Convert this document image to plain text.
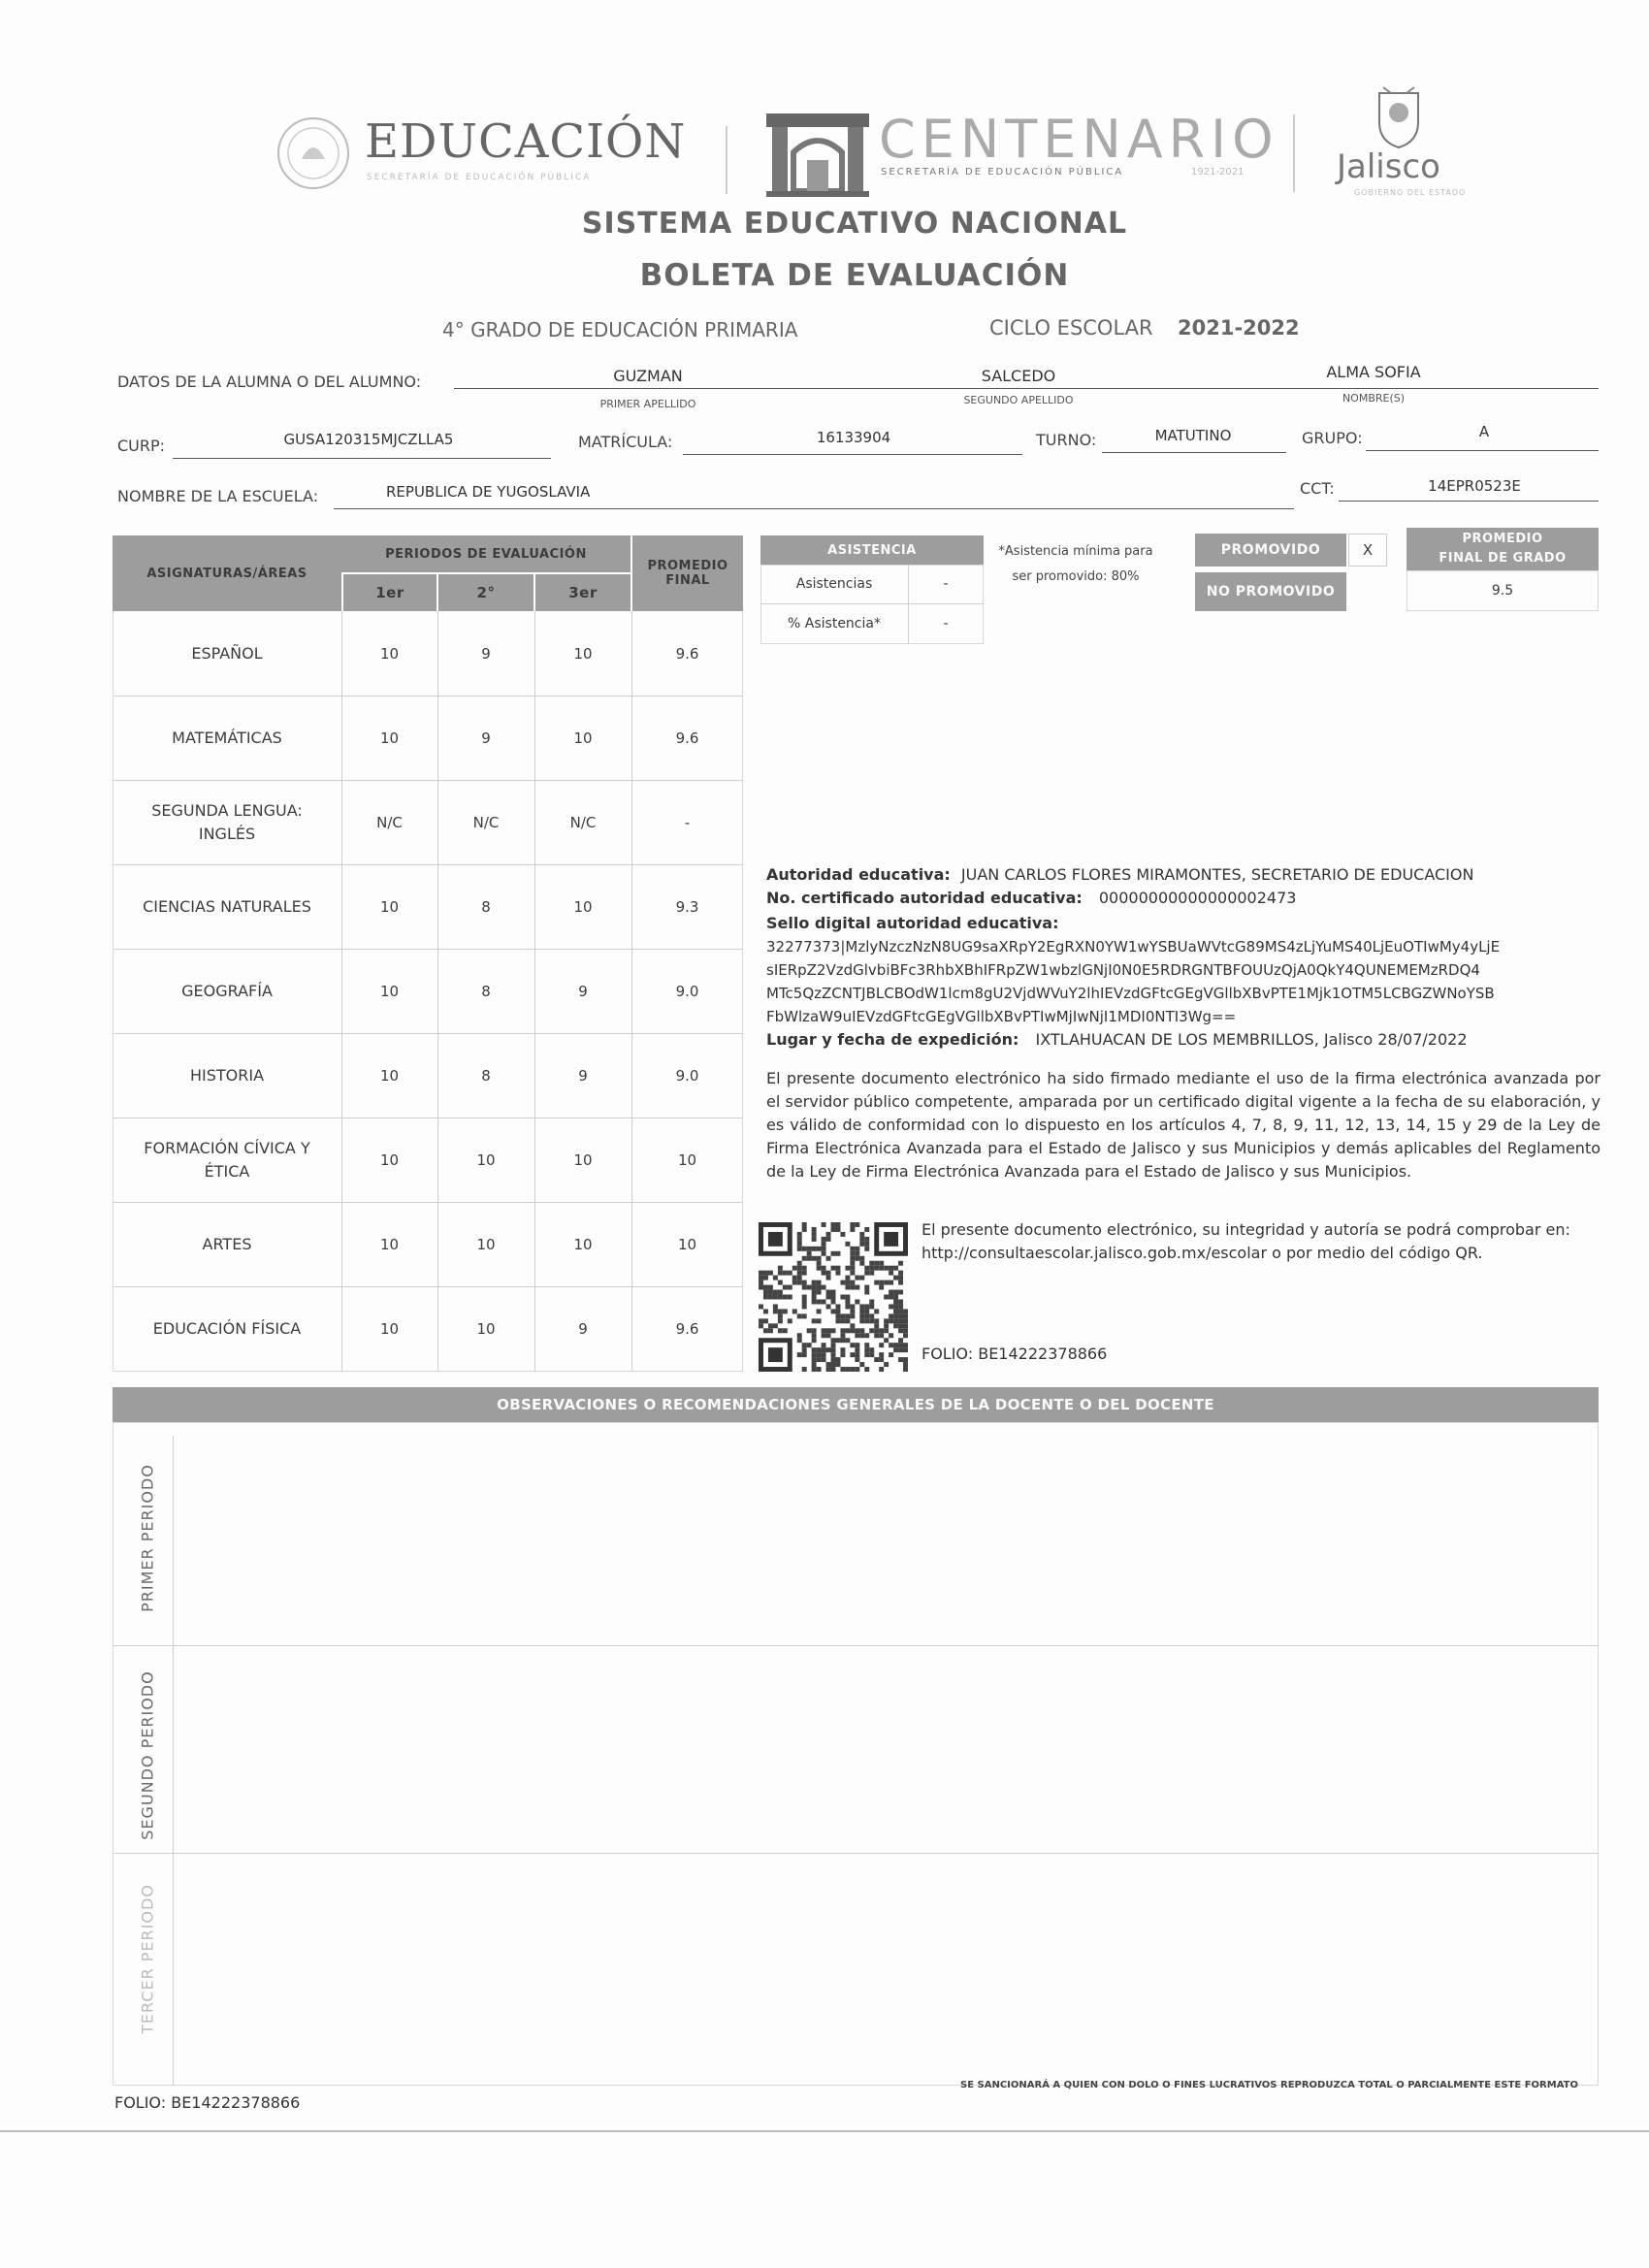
EDUCACIÓN
SECRETARÍA DE EDUCACIÓN PÚBLICA
CENTENARIO
SECRETARÍA DE EDUCACIÓN PÚBLICA	1921-2021	Jalisco
GOBIERNO DEL ESTADO
SISTEMA EDUCATIVO NACIONAL
BOLETA DE EVALUACIÓN
4° GRADO DE EDUCACIÓN PRIMARIA	CICLO ESCOLAR 2021-2022
DATOS DE LA ALUMNA O DEL ALUMNO:	GUZMAN	SALCEDO	ALMA SOFIA
PRIMER APELLIDO	SEGUNDO APELLIDO	NOMBRE(S)
CURP:	GUSA120315MJCZLLA5	MATRÍCULA:	16133904	TURNO:	MATUTINO	GRUPO:	A
NOMBRE DE LA ESCUELA:	REPUBLICA DE YUGOSLAVIA	CCT:	14EPR0523E
ASIGNATURAS/ÁREAS
PERIODOS DE EVALUACIÓN
1er	2°	3er
PROMEDIO
FINAL
ESPAÑOL	10	9	10	9.6
MATEMÁTICAS	10	9	10	9.6
SEGUNDA LENGUA:
INGLÉS
N/C	N/C	N/C	-
CIENCIAS NATURALES	10	8	10	9.3
GEOGRAFÍA	10	8	9	9.0
HISTORIA	10	8	9	9.0
FORMACIÓN CÍVICA Y
ÉTICA
10	10	10	10
ARTES	10	10	10	10
EDUCACIÓN FÍSICA	10	10	9	9.6
ASISTENCIA
Asistencias	-
% Asistencia*	-
*Asistencia mínima para ser promovido: 80%
PROMOVIDO	X
NO PROMOVIDO
PROMEDIO
FINAL DE GRADO
9.5
Autoridad educativa: JUAN CARLOS FLORES MIRAMONTES, SECRETARIO DE EDUCACION
No. certificado autoridad educativa: 00000000000000002473
Sello digital autoridad educativa:
32277373|MzlyNzczNzN8UG9saXRpY2EgRXN0YW1wYSBUaWVtcG89MS4zLjYuMS40LjEuOTIwMy4yLjE
sIERpZ2VzdGlvbiBFc3RhbXBhIFRpZW1wbzlGNjI0N0E5RDRGNTBFOUUzQjA0QkY4QUNEMEMzRDQ4
MTc5QzZCNTJBLCBOdW1lcm8gU2VjdWVuY2lhIEVzdGFtcGEgVGllbXBvPTE1Mjk1OTM5LCBGZWNoYSB
FbWlzaW9uIEVzdGFtcGEgVGllbXBvPTIwMjIwNjI1MDI0NTI3Wg==
Lugar y fecha de expedición: IXTLAHUACAN DE LOS MEMBRILLOS, Jalisco 28/07/2022
El presente documento electrónico ha sido firmado mediante el uso de la firma electrónica avanzada por el servidor público competente, amparada por un certificado digital vigente a la fecha de su elaboración, y es válido de conformidad con lo dispuesto en los artículos 4, 7, 8, 9, 11, 12, 13, 14, 15 y 29 de la Ley de Firma Electrónica Avanzada para el Estado de Jalisco y sus Municipios y demás aplicables del Reglamento de la Ley de Firma Electrónica Avanzada para el Estado de Jalisco y sus Municipios.
El presente documento electrónico, su integridad y autoría se podrá comprobar en: http://consultaescolar.jalisco.gob.mx/escolar o por medio del código QR.
FOLIO: BE14222378866
OBSERVACIONES O RECOMENDACIONES GENERALES DE LA DOCENTE O DEL DOCENTE
PRIMER PERIODO
SEGUNDO PERIODO
TERCER PERIODO
FOLIO: BE14222378866
SE SANCIONARÁ A QUIEN CON DOLO O FINES LUCRATIVOS REPRODUZCA TOTAL O PARCIALMENTE ESTE FORMATO
